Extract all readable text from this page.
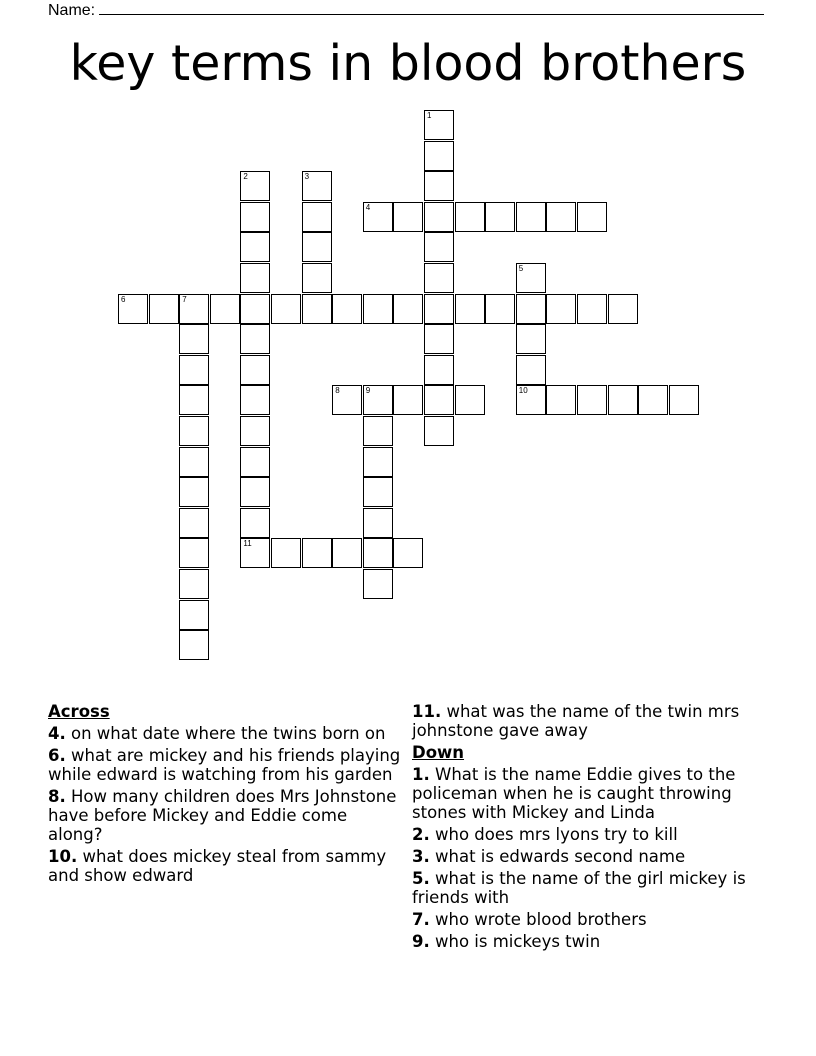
Name:
key terms in blood brothers
1
2	3
4
5
6	7
8	9	10
11
Across
4. on what date where the twins born on
6. what are mickey and his friends playing while edward is watching from his garden
8. How many children does Mrs Johnstone have before Mickey and Eddie come along?
10. what does mickey steal from sammy and show edward
11. what was the name of the twin mrs johnstone gave away
Down
1. What is the name Eddie gives to the policeman when he is caught throwing stones with Mickey and Linda
2. who does mrs lyons try to kill
3. what is edwards second name
5. what is the name of the girl mickey is friends with
7. who wrote blood brothers
9. who is mickeys twin
